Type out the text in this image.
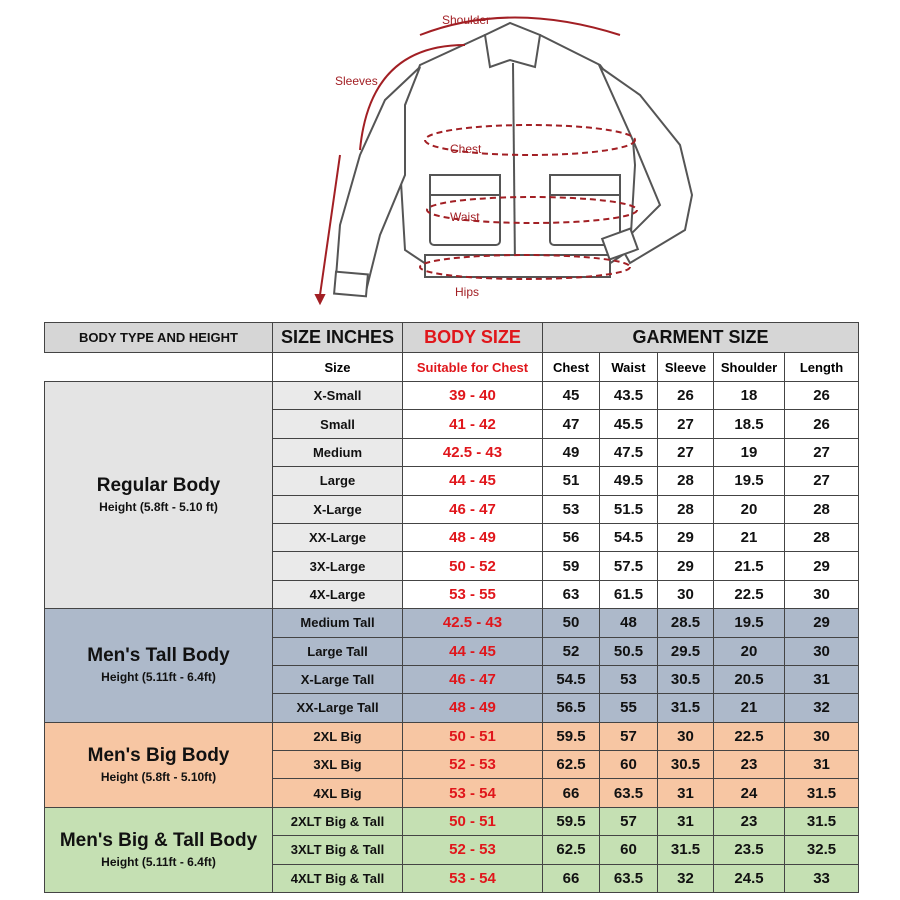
Shoulder
Sleeves
Chest
Waist
Hips
BODY TYPE AND HEIGHT	SIZE INCHES	BODY SIZE	GARMENT SIZE				
	Size	Suitable for Chest	Chest	Waist	Sleeve	Shoulder	Length

Regular Body
Height (5.8ft - 5.10 ft)	X-Small	39 - 40	45	43.5	26	18	26
	Small	41 - 42	47	45.5	27	18.5	26
	Medium	42.5 - 43	49	47.5	27	19	27
	Large	44 - 45	51	49.5	28	19.5	27
	X-Large	46 - 47	53	51.5	28	20	28
	XX-Large	48 - 49	56	54.5	29	21	28
	3X-Large	50 - 52	59	57.5	29	21.5	29
	4X-Large	53 - 55	63	61.5	30	22.5	30

Men's Tall Body
Height (5.11ft - 6.4ft)	Medium Tall	42.5 - 43	50	48	28.5	19.5	29
	Large Tall	44 - 45	52	50.5	29.5	20	30
	X-Large Tall	46 - 47	54.5	53	30.5	20.5	31
	XX-Large Tall	48 - 49	56.5	55	31.5	21	32

Men's Big Body
Height (5.8ft - 5.10ft)	2XL Big	50 - 51	59.5	57	30	22.5	30
	3XL Big	52 - 53	62.5	60	30.5	23	31
	4XL Big	53 - 54	66	63.5	31	24	31.5

Men's Big & Tall Body
Height (5.11ft - 6.4ft)	2XLT Big & Tall	50 - 51	59.5	57	31	23	31.5
	3XLT Big & Tall	52 - 53	62.5	60	31.5	23.5	32.5
	4XLT Big & Tall	53 - 54	66	63.5	32	24.5	33
